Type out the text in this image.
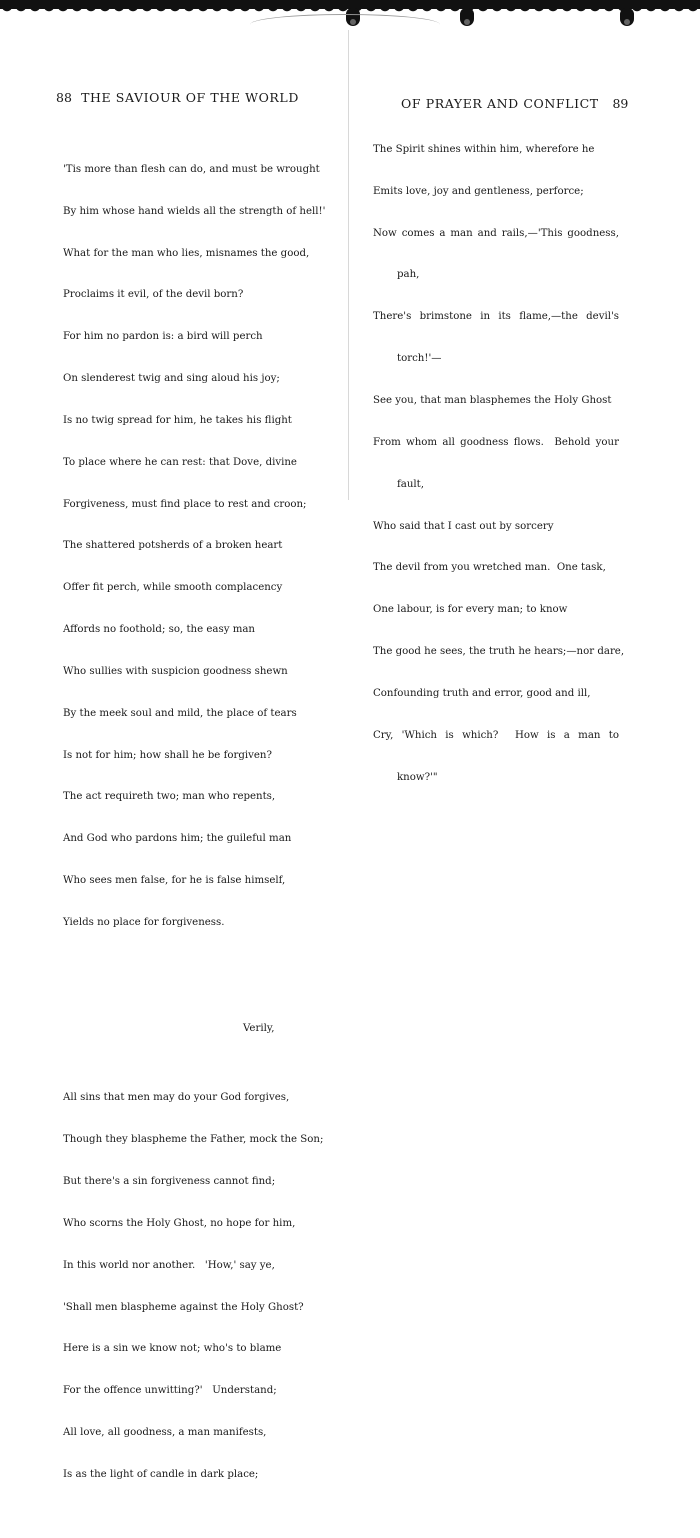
88 THE SAVIOUR OF THE WORLD

'Tis more than flesh can do, and must be wrought

By him whose hand wields all the strength of hell!'

What for the man who lies, misnames the good,

Proclaims it evil, of the devil born?

For him no pardon is: a bird will perch

On slenderest twig and sing aloud his joy;

Is no twig spread for him, he takes his flight

To place where he can rest: that Dove, divine

Forgiveness, must find place to rest and croon;

The shattered potsherds of a broken heart

Offer fit perch, while smooth complacency

Affords no foothold; so, the easy man

Who sullies with suspicion goodness shewn

By the meek soul and mild, the place of tears

Is not for him; how shall he be forgiven?

The act requireth two; man who repents,

And God who pardons him; the guileful man

Who sees men false, for he is false himself,

Yields no place for forgiveness.

Verily,

All sins that men may do your God forgives,

Though they blaspheme the Father, mock the Son;

But there's a sin forgiveness cannot find;

Who scorns the Holy Ghost, no hope for him,

In this world nor another.   'How,' say ye,

'Shall men blaspheme against the Holy Ghost?

Here is a sin we know not; who's to blame

For the offence unwitting?'   Understand;

All love, all goodness, a man manifests,

Is as the light of candle in dark place;

OF PRAYER AND CONFLICT 89

The Spirit shines within him, wherefore he

Emits love, joy and gentleness, perforce;

Now comes a man and rails,—'This goodness,

pah,

There's brimstone in its flame,—the devil's

torch!'—

See you, that man blasphemes the Holy Ghost

From whom all goodness flows.  Behold your

fault,

Who said that I cast out by sorcery

The devil from you wretched man.  One task,

One labour, is for every man; to know

The good he sees, the truth he hears;—nor dare,

Confounding truth and error, good and ill,

Cry, 'Which is which?  How is a man to

know?'"
